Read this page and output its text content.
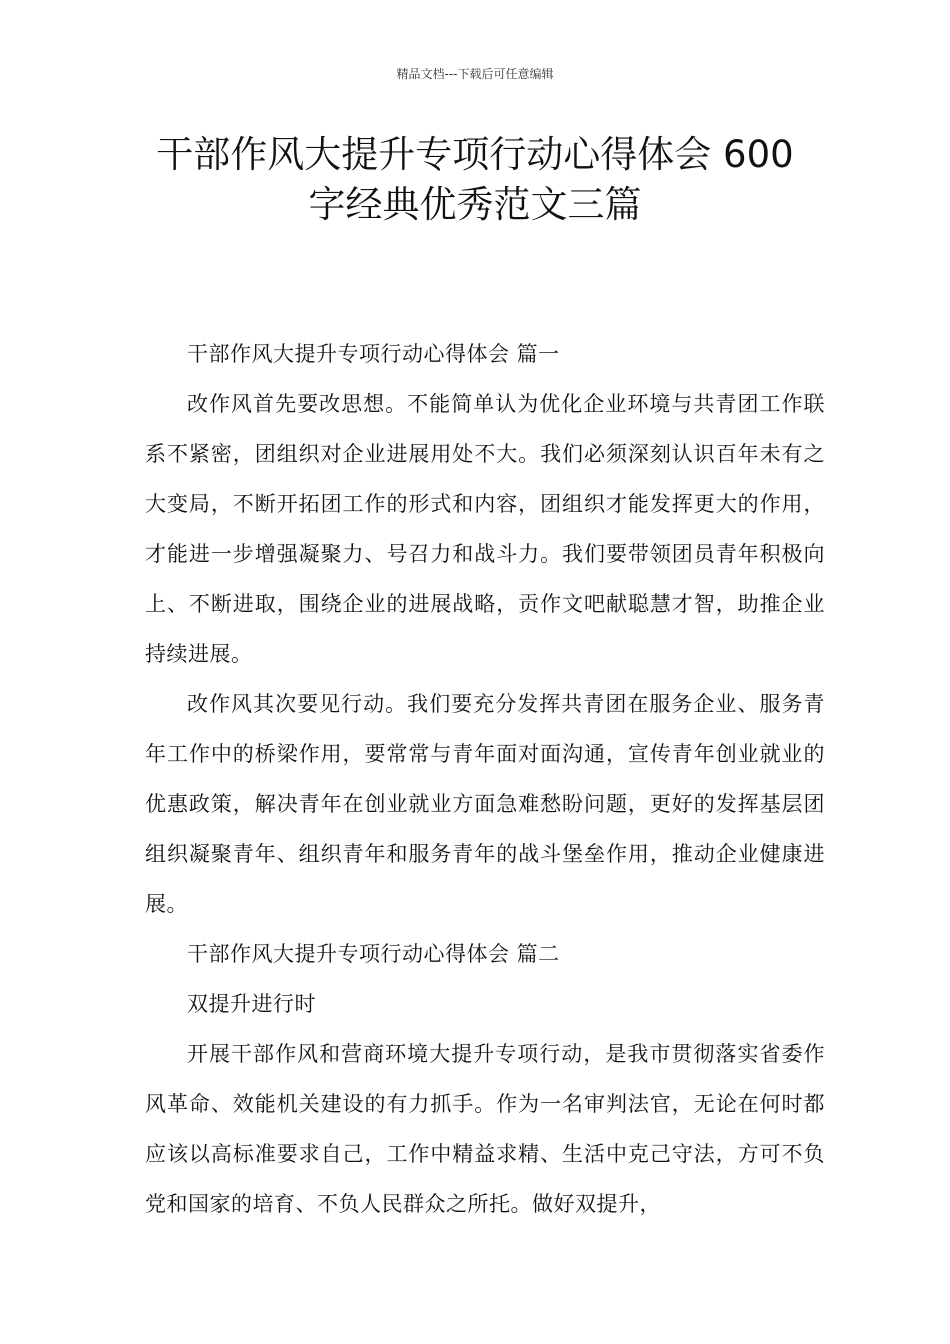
精品文档---下载后可任意编辑
干部作风大提升专项行动心得体会 600
字经典优秀范文三篇

干部作风大提升专项行动心得体会 篇一

改作风首先要改思想。不能简单认为优化企业环境与共青团工作联系不紧密，团组织对企业进展用处不大。我们必须深刻认识百年未有之大变局，不断开拓团工作的形式和内容，团组织才能发挥更大的作用，才能进一步增强凝聚力、号召力和战斗力。我们要带领团员青年积极向上、不断进取，围绕企业的进展战略，贡作文吧献聪慧才智，助推企业持续进展。

改作风其次要见行动。我们要充分发挥共青团在服务企业、服务青年工作中的桥梁作用，要常常与青年面对面沟通，宣传青年创业就业的优惠政策，解决青年在创业就业方面急难愁盼问题，更好的发挥基层团组织凝聚青年、组织青年和服务青年的战斗堡垒作用，推动企业健康进展。

干部作风大提升专项行动心得体会 篇二

双提升进行时

开展干部作风和营商环境大提升专项行动，是我市贯彻落实省委作风革命、效能机关建设的有力抓手。作为一名审判法官，无论在何时都应该以高标准要求自己，工作中精益求精、生活中克己守法，方可不负党和国家的培育、不负人民群众之所托。做好双提升，
